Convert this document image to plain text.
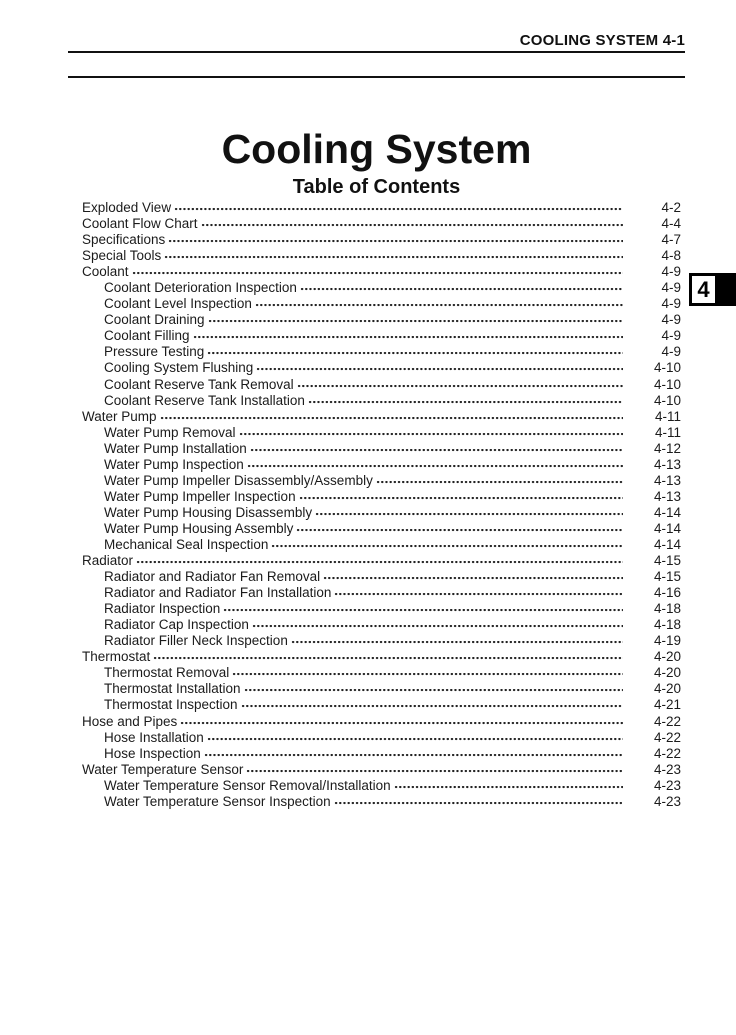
COOLING SYSTEM 4-1
Cooling System
Table of Contents
Exploded View	4-2
Coolant Flow Chart	4-4
Specifications	4-7
Special Tools	4-8
Coolant	4-9
Coolant Deterioration Inspection	4-9
Coolant Level Inspection	4-9
Coolant Draining	4-9
Coolant Filling	4-9
Pressure Testing	4-9
Cooling System Flushing	4-10
Coolant Reserve Tank Removal	4-10
Coolant Reserve Tank Installation	4-10
Water Pump	4-11
Water Pump Removal	4-11
Water Pump Installation	4-12
Water Pump Inspection	4-13
Water Pump Impeller Disassembly/Assembly	4-13
Water Pump Impeller Inspection	4-13
Water Pump Housing Disassembly	4-14
Water Pump Housing Assembly	4-14
Mechanical Seal Inspection	4-14
Radiator	4-15
Radiator and Radiator Fan Removal	4-15
Radiator and Radiator Fan Installation	4-16
Radiator Inspection	4-18
Radiator Cap Inspection	4-18
Radiator Filler Neck Inspection	4-19
Thermostat	4-20
Thermostat Removal	4-20
Thermostat Installation	4-20
Thermostat Inspection	4-21
Hose and Pipes	4-22
Hose Installation	4-22
Hose Inspection	4-22
Water Temperature Sensor	4-23
Water Temperature Sensor Removal/Installation	4-23
Water Temperature Sensor Inspection	4-23
4
